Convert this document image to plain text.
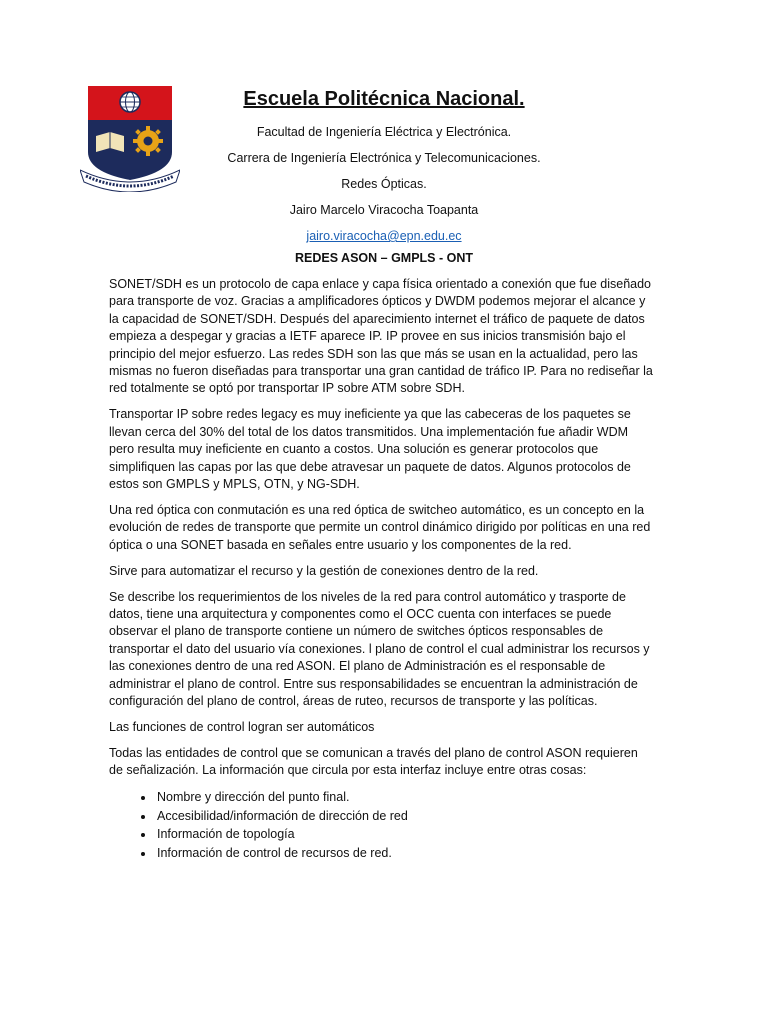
Escuela Politécnica Nacional.
Facultad de Ingeniería Eléctrica y Electrónica.
Carrera de Ingeniería Electrónica y Telecomunicaciones.
Redes Ópticas.
Jairo Marcelo Viracocha Toapanta
jairo.viracocha@epn.edu.ec
REDES ASON – GMPLS - ONT

SONET/SDH es un protocolo de capa enlace y capa física orientado a conexión que fue diseñado para transporte de voz. Gracias a amplificadores ópticos y DWDM podemos mejorar el alcance y la capacidad de SONET/SDH. Después del aparecimiento internet el tráfico de paquete de datos empieza a despegar y gracias a IETF aparece IP. IP provee en sus inicios transmisión bajo el principio del mejor esfuerzo. Las redes SDH son las que más se usan en la actualidad, pero las mismas no fueron diseñadas para transportar una gran cantidad de tráfico IP. Para no rediseñar la red totalmente se optó por transportar IP sobre ATM sobre SDH.

Transportar IP sobre redes legacy es muy ineficiente ya que las cabeceras de los paquetes se llevan cerca del 30% del total de los datos transmitidos. Una implementación fue añadir WDM pero resulta muy ineficiente en cuanto a costos. Una solución es generar protocolos que simplifiquen las capas por las que debe atravesar un paquete de datos. Algunos protocolos de estos son GMPLS y MPLS, OTN, y NG-SDH.

Una red óptica con conmutación es una red óptica de switcheo automático, es un concepto en la evolución de redes de transporte que permite un control dinámico dirigido por políticas en una red óptica o una SONET basada en señales entre usuario y los componentes de la red.

Sirve para automatizar el recurso y la gestión de conexiones dentro de la red.

Se describe los requerimientos de los niveles de la red para control automático y trasporte de datos, tiene una arquitectura y componentes como el OCC cuenta con interfaces se puede observar el plano de transporte contiene un número de switches ópticos responsables de transportar el dato del usuario vía conexiones. l plano de control el cual administrar los recursos y las conexiones dentro de una red ASON. El plano de Administración es el responsable de administrar el plano de control. Entre sus responsabilidades se encuentran la administración de configuración del plano de control, áreas de ruteo, recursos de transporte y las políticas.

Las funciones de control logran ser automáticos

Todas las entidades de control que se comunican a través del plano de control ASON requieren de señalización. La información que circula por esta interfaz incluye entre otras cosas:

• Nombre y dirección del punto final.
• Accesibilidad/información de dirección de red
• Información de topología
• Información de control de recursos de red.
